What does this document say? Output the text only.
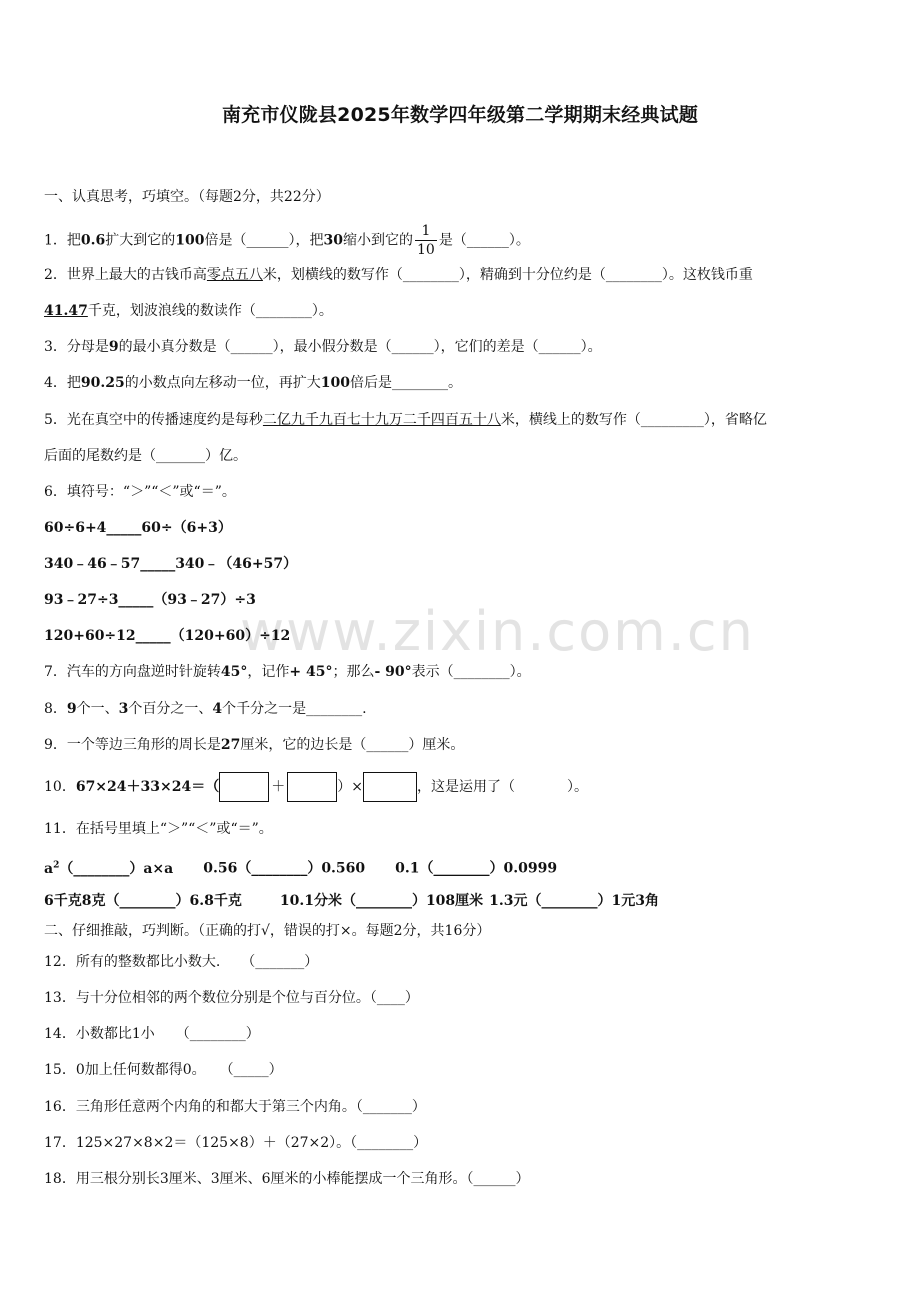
南充市仪陇县2025年数学四年级第二学期期末经典试题
www.zixin.com.cn
一、认真思考，巧填空。（每题2分，共22分）
1．把0.6扩大到它的100倍是（______），把30缩小到它的 $\frac{1}{10}$ 是（______）。
2．世界上最大的古钱币高零点五八米，划横线的数写作（________），精确到十分位约是（________）。这枚钱币重
41.47千克，划波浪线的数读作（________）。
3．分母是9的最小真分数是（______），最小假分数是（______），它们的差是（______）。
4．把90.25的小数点向左移动一位，再扩大100倍后是________。
5．光在真空中的传播速度约是每秒二亿九千九百七十九万二千四百五十八米，横线上的数写作（_________），省略亿
后面的尾数约是（_______）亿。
6．填符号：“＞”“＜”或“＝”。
60÷6+4_____60÷（6+3）
340﹣46﹣57_____340﹣（46+57）
93﹣27÷3_____（93﹣27）÷3
120+60÷12_____（120+60）÷12
7．汽车的方向盘逆时针旋转45°，记作+ 45°；那么- 90°表示（________）。
8．9个一、3个百分之一、4个千分之一是________.
9．一个等边三角形的周长是27厘米，它的边长是（______）厘米。
10．67×24＋33×24＝（	＋	）×	，这是运用了（	）。
11．在括号里填上“＞”“＜”或“＝”。
$a^2(\_\_\_\_\_\_\_\_)a\times a$ 0.56（________）0.560 0.1（________）0.0999
6千克8克（________）6.8千克	10.1分米（________）108厘米 1.3元（________）1元3角
二、仔细推敲，巧判断。（正确的打√，错误的打×。每题2分，共16分）
12．所有的整数都比小数大.　　（_______）
13．与十分位相邻的两个数位分别是个位与百分位。（____）
14．小数都比1小　　（________）
15．0加上任何数都得0。　　（_____）
16．三角形任意两个内角的和都大于第三个内角。（_______）
17．125×27×8×2＝（125×8）＋（27×2）。（________）
18．用三根分别长3厘米、3厘米、6厘米的小棒能摆成一个三角形。（______）
